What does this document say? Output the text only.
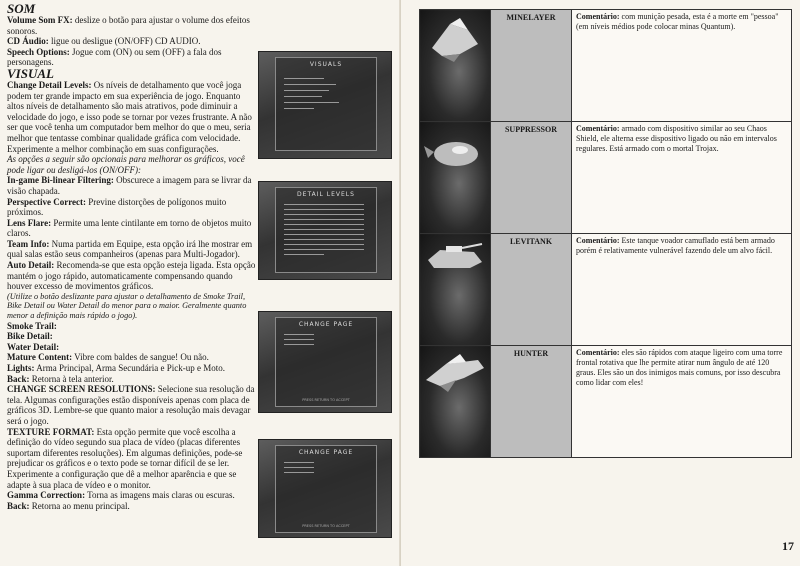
SOM

Volume Som FX: deslize o botão para ajustar o volume dos efeitos sonoros.

CD Áudio: ligue ou desligue (ON/OFF) CD AUDIO.

Speech Options: Jogue com (ON) ou sem (OFF) a fala dos personagens.

VISUAL

Change Detail Levels: Os níveis de detalhamento que você joga podem ter grande impacto em sua experiência de jogo. Enquanto altos níveis de detalhamento são mais atrativos, pode diminuir a velocidade do jogo, e isso pode se tornar por vezes frustrante. A não ser que você tenha um computador bem melhor do que o meu, seria melhor que tentasse combinar qualidade gráfica com velocidade. Experimente a melhor combinação em suas configurações.

As opções a seguir são opcionais para melhorar os gráficos, você pode ligar ou desligá-los (ON/OFF):

In-game Bi-linear Filtering: Obscurece a imagem para se livrar da visão chapada.

Perspective Correct: Previne distorções de polígonos muito próximos.

Lens Flare: Permite uma lente cintilante em torno de objetos muito claros.

Team Info: Numa partida em Equipe, esta opção irá lhe mostrar em qual salas estão seus companheiros (apenas para Multi-Jogador).

Auto Detail: Recomenda-se que esta opção esteja ligada. Esta opção mantém o jogo rápido, automaticamente compensando quando houver excesso de movimentos gráficos.

(Utilize o botão deslizante para ajustar o detalhamento de Smoke Trail, Bike Detail ou Water Detail do menor para o maior. Geralmente quanto menor a definição mais rápido o jogo).

Smoke Trail:

Bike Detail:

Water Detail:

Mature Content: Vibre com baldes de sangue! Ou não.

Lights: Arma Principal, Arma Secundária e Pick-up e Moto.

Back: Retorna à tela anterior.

CHANGE SCREEN RESOLUTIONS: Selecione sua resolução da tela. Algumas configurações estão disponíveis apenas com placa de gráficos 3D. Lembre-se que quanto maior a resolução mais devagar será o jogo.

TEXTURE FORMAT: Esta opção permite que você escolha a definição do vídeo segundo sua placa de vídeo (placas diferentes suportam diferentes resoluções). Em algumas definições, pode-se prejudicar os gráficos e o texto pode se tornar difícil de se ler. Experimente a configuração que dê a melhor aparência e que se adapte à sua placa de vídeo e o monitor.

Gamma Correction: Torna as imagens mais claras ou escuras.

Back: Retorna ao menu principal.

VISUALS
DETAIL LEVELS
CHANGE PAGE
PRESS RETURN TO ACCEPT
CHANGE PAGE
PRESS RETURN TO ACCEPT
	MINELAYER	Comentário: com munição pesada, esta é a morte em "pessoa" (em níveis médios pode colocar minas Quantum).

	SUPPRESSOR	Comentário: armado com dispositivo similar ao seu Chaos Shield, ele alterna esse dispositivo ligado ou não em intervalos regulares. Está armado com o mortal Trojax.

	LEVITANK	Comentário: Este tanque voador camuflado está bem armado porém é relativamente vulnerável fazendo dele um alvo fácil.

	HUNTER	Comentário: eles são rápidos com ataque ligeiro com uma torre frontal rotativa que lhe permite atirar num ângulo de até 120 graus. Eles são un dos inimigos mais comuns, por isso descubra como lidar com eles!
17
